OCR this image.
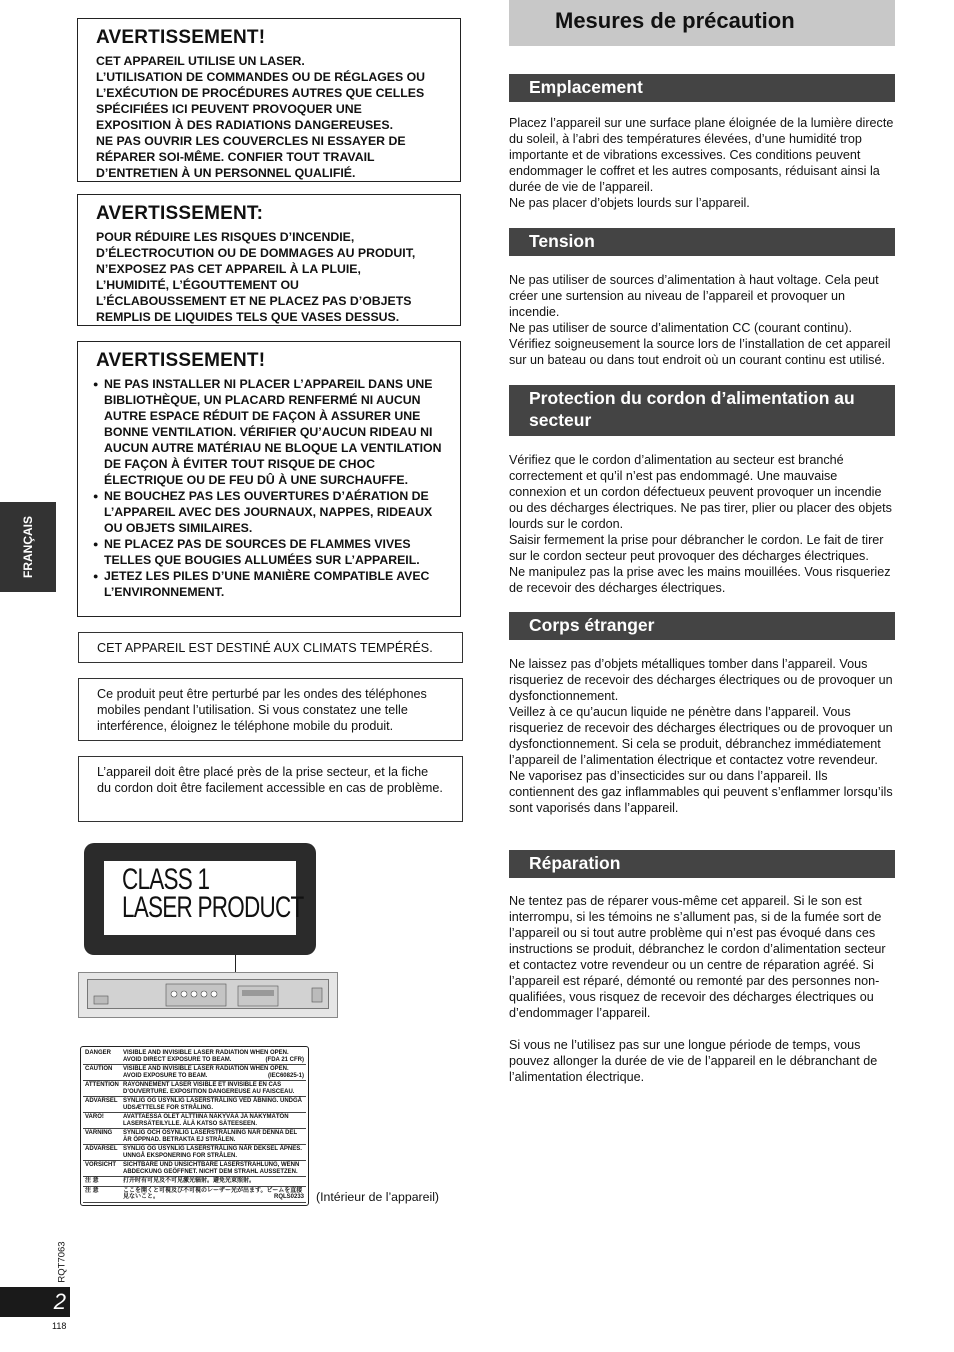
FRANÇAIS
AVERTISSEMENT!

CET APPAREIL UTILISE UN LASER.

L’UTILISATION DE COMMANDES OU DE RÉGLAGES OU

L’EXÉCUTION DE PROCÉDURES AUTRES QUE CELLES

SPÉCIFIÉES ICI PEUVENT PROVOQUER UNE

EXPOSITION À DES RADIATIONS DANGEREUSES.

NE PAS OUVRIR LES COUVERCLES NI ESSAYER DE

RÉPARER SOI-MÊME. CONFIER TOUT TRAVAIL

D’ENTRETIEN À UN PERSONNEL QUALIFIÉ.

AVERTISSEMENT:

POUR RÉDUIRE LES RISQUES D’INCENDIE,

D’ÉLECTROCUTION OU DE DOMMAGES AU PRODUIT,

N’EXPOSEZ PAS CET APPAREIL À LA PLUIE,

L’HUMIDITÉ, L’ÉGOUTTEMENT OU

L’ÉCLABOUSSEMENT ET NE PLACEZ PAS D’OBJETS

REMPLIS DE LIQUIDES TELS QUE VASES DESSUS.

AVERTISSEMENT!
● NE PAS INSTALLER NI PLACER L’APPAREIL DANS UNE BIBLIOTHÈQUE, UN PLACARD RENFERMÉ NI AUCUN AUTRE ESPACE RÉDUIT DE FAÇON À ASSURER UNE BONNE VENTILATION. VÉRIFIER QU’AUCUN RIDEAU NI AUCUN AUTRE MATÉRIAU NE BLOQUE LA VENTILATION DE FAÇON À ÉVITER TOUT RISQUE DE CHOC ÉLECTRIQUE OU DE FEU DÛ À UNE SURCHAUFFE.
● NE BOUCHEZ PAS LES OUVERTURES D’AÉRATION DE L’APPAREIL AVEC DES JOURNAUX, NAPPES, RIDEAUX OU OBJETS SIMILAIRES.
● NE PLACEZ PAS DE SOURCES DE FLAMMES VIVES TELLES QUE BOUGIES ALLUMÉES SUR L’APPAREIL.
● JETEZ LES PILES D’UNE MANIÈRE COMPATIBLE AVEC L’ENVIRONNEMENT.
CET APPAREIL EST DESTINÉ AUX CLIMATS TEMPÉRÉS.
Ce produit peut être perturbé par les ondes des téléphones mobiles pendant l’utilisation. Si vous constatez une telle interférence, éloignez le téléphone mobile du produit.
L’appareil doit être placé près de la prise secteur, et la fiche du cordon doit être facilement accessible en cas de problème.
CLASS 1
LASER PRODUCT
DANGER	VISIBLE AND INVISIBLE LASER RADIATION WHEN OPEN. AVOID DIRECT EXPOSURE TO BEAM. (FDA 21 CFR)

CAUTION	VISIBLE AND INVISIBLE LASER RADIATION WHEN OPEN. AVOID EXPOSURE TO BEAM. (IEC60825-1)

ATTENTION	RAYONNEMENT LASER VISIBLE ET INVISIBLE EN CAS D’OUVERTURE. EXPOSITION DANGEREUSE AU FAISCEAU.
ADVARSEL	SYNLIG OG USYNLIG LASERSTRÅLING VED ÅBNING. UNDGÅ UDSÆTTELSE FOR STRÅLING.
VARO!	AVATTAESSA OLET ALTTIINA NÄKYVÄÄ JA NÄKYMÄTÖN LASERSÄTEILYLLE. ÄLÄ KATSO SÄTEESEEN.
VARNING	SYNLIG OCH OSYNLIG LASERSTRÅLNING NÄR DENNA DEL ÄR ÖPPNAD. BETRAKTA EJ STRÅLEN.
ADVARSEL	SYNLIG OG USYNLIG LASERSTRÅLING NÅR DEKSEL ÅPNES. UNNGÅ EKSPONERING FOR STRÅLEN.
VORSICHT	SICHTBARE UND UNSICHTBARE LASERSTRAHLUNG, WENN ABDECKUNG GEÖFFNET. NICHT DEM STRAHL AUSSETZEN.
注 意	打开时有可见及不可见激光辐射。避免光束照射。
注 意	ここを開くと可視及び不可視のレーザー光が出ます。ビームを直接見ないこと。 RQLS0233 (Intérieur de l’appareil)
Mesures de précaution
Emplacement

Placez l’appareil sur une surface plane éloignée de la lumière directe du soleil, à l’abri des températures élevées, d’une humidité trop importante et de vibrations excessives. Ces conditions peuvent endommager le coffret et les autres composants, réduisant ainsi la durée de vie de l’appareil.

Ne pas placer d’objets lourds sur l’appareil.

Tension

Ne pas utiliser de sources d’alimentation à haut voltage. Cela peut créer une surtension au niveau de l’appareil et provoquer un incendie.

Ne pas utiliser de source d’alimentation CC (courant continu). Vérifiez soigneusement la source lors de l’installation de cet appareil sur un bateau ou dans tout endroit où un courant continu est utilisé.

Protection du cordon d’alimentation au secteur

Vérifiez que le cordon d’alimentation au secteur est branché correctement et qu’il n’est pas endommagé. Une mauvaise connexion et un cordon défectueux peuvent provoquer un incendie ou des décharges électriques. Ne pas tirer, plier ou placer des objets lourds sur le cordon.

Saisir fermement la prise pour débrancher le cordon. Le fait de tirer sur le cordon secteur peut provoquer des décharges électriques.

Ne manipulez pas la prise avec les mains mouillées. Vous risqueriez de recevoir des décharges électriques.

Corps étranger

Ne laissez pas d’objets métalliques tomber dans l’appareil. Vous risqueriez de recevoir des décharges électriques ou de provoquer un dysfonctionnement.

Veillez à ce qu’aucun liquide ne pénètre dans l’appareil. Vous risqueriez de recevoir des décharges électriques ou de provoquer un dysfonctionnement. Si cela se produit, débranchez immédiatement l’appareil de l’alimentation électrique et contactez votre revendeur.

Ne vaporisez pas d’insecticides sur ou dans l’appareil. Ils contiennent des gaz inflammables qui peuvent s’enflammer lorsqu’ils sont vaporisés dans l’appareil.

Réparation

Ne tentez pas de réparer vous-même cet appareil. Si le son est interrompu, si les témoins ne s’allument pas, si de la fumée sort de l’appareil ou si tout autre problème qui n’est pas évoqué dans ces instructions se produit, débranchez le cordon d’alimentation secteur et contactez votre revendeur ou un centre de réparation agréé. Si l’appareil est réparé, démonté ou remonté par des personnes non-qualifiées, vous risquez de recevoir des décharges électriques ou d’endommager l’appareil.

Si vous ne l’utilisez pas sur une longue période de temps, vous pouvez allonger la durée de vie de l’appareil en le débranchant de l’alimentation électrique.

RQT7063
2
118
